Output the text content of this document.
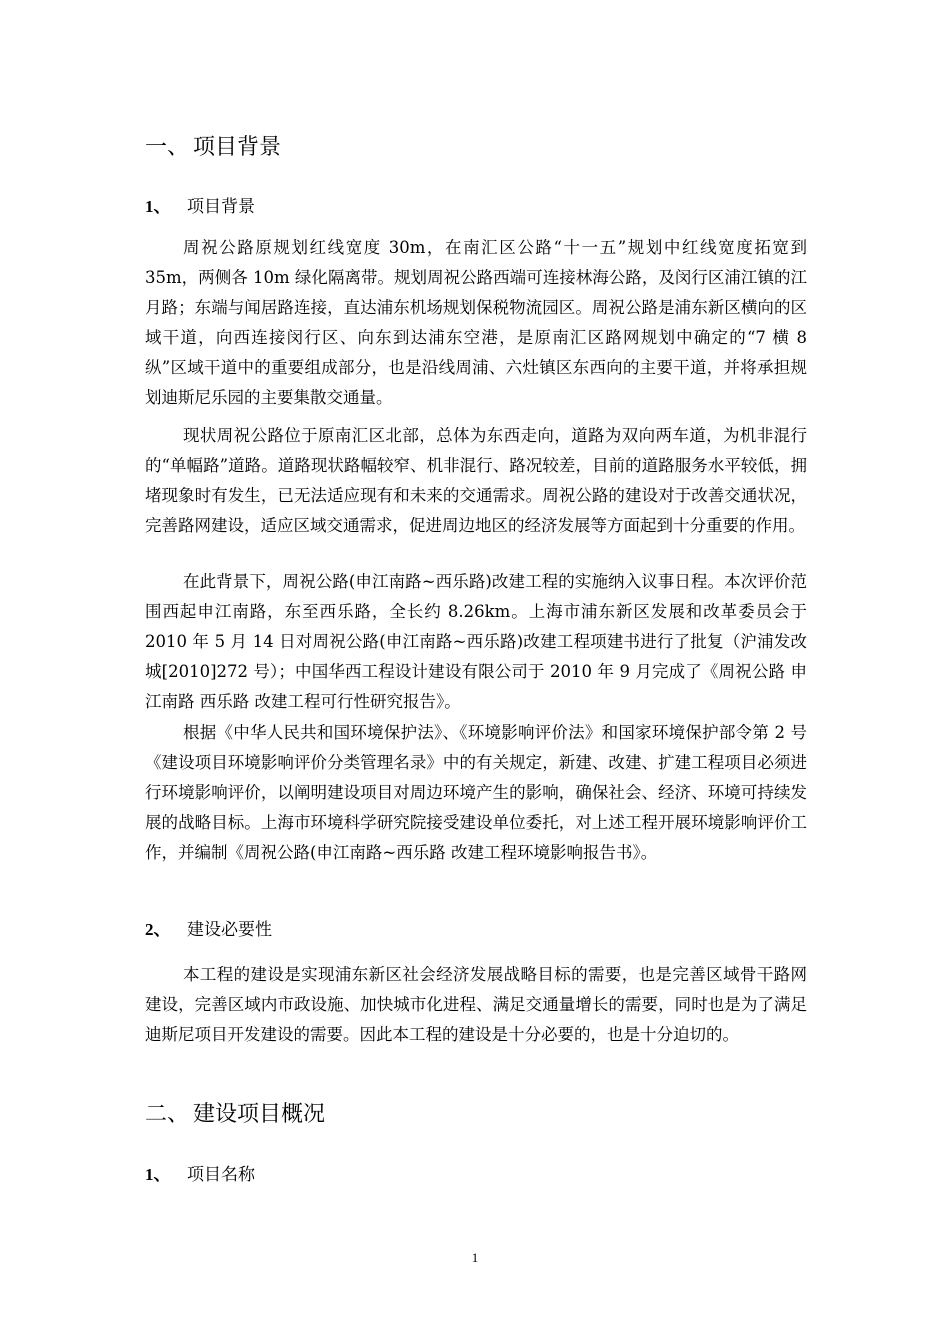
一、 项目背景
1、 项目背景

周祝公路原规划红线宽度 30m，在南汇区公路“十一五”规划中红线宽度拓宽到 35m，两侧各 10m 绿化隔离带。规划周祝公路西端可连接林海公路，及闵行区浦江镇的江月路；东端与闻居路连接，直达浦东机场规划保税物流园区。周祝公路是浦东新区横向的区域干道，向西连接闵行区、向东到达浦东空港，是原南汇区路网规划中确定的“7 横 8 纵”区域干道中的重要组成部分，也是沿线周浦、六灶镇区东西向的主要干道，并将承担规划迪斯尼乐园的主要集散交通量。

现状周祝公路位于原南汇区北部，总体为东西走向，道路为双向两车道，为机非混行的“单幅路”道路。道路现状路幅较窄、机非混行、路况较差，目前的道路服务水平较低，拥堵现象时有发生，已无法适应现有和未来的交通需求。周祝公路的建设对于改善交通状况，完善路网建设，适应区域交通需求，促进周边地区的经济发展等方面起到十分重要的作用。

在此背景下，周祝公路(申江南路~西乐路)改建工程的实施纳入议事日程。本次评价范围西起申江南路，东至西乐路，全长约 8.26km。上海市浦东新区发展和改革委员会于 2010 年 5 月 14 日对周祝公路(申江南路~西乐路)改建工程项建书进行了批复（沪浦发改城[2010]272 号）；中国华西工程设计建设有限公司于 2010 年 9 月完成了《周祝公路 申江南路 西乐路 改建工程可行性研究报告》。

根据《中华人民共和国环境保护法》、《环境影响评价法》和国家环境保护部令第 2 号《建设项目环境影响评价分类管理名录》中的有关规定，新建、改建、扩建工程项目必须进行环境影响评价，以阐明建设项目对周边环境产生的影响，确保社会、经济、环境可持续发展的战略目标。上海市环境科学研究院接受建设单位委托，对上述工程开展环境影响评价工作，并编制《周祝公路(申江南路~西乐路 改建工程环境影响报告书》。

2、 建设必要性

本工程的建设是实现浦东新区社会经济发展战略目标的需要，也是完善区域骨干路网建设，完善区域内市政设施、加快城市化进程、满足交通量增长的需要，同时也是为了满足迪斯尼项目开发建设的需要。因此本工程的建设是十分必要的，也是十分迫切的。

二、 建设项目概况
1、 项目名称
1
